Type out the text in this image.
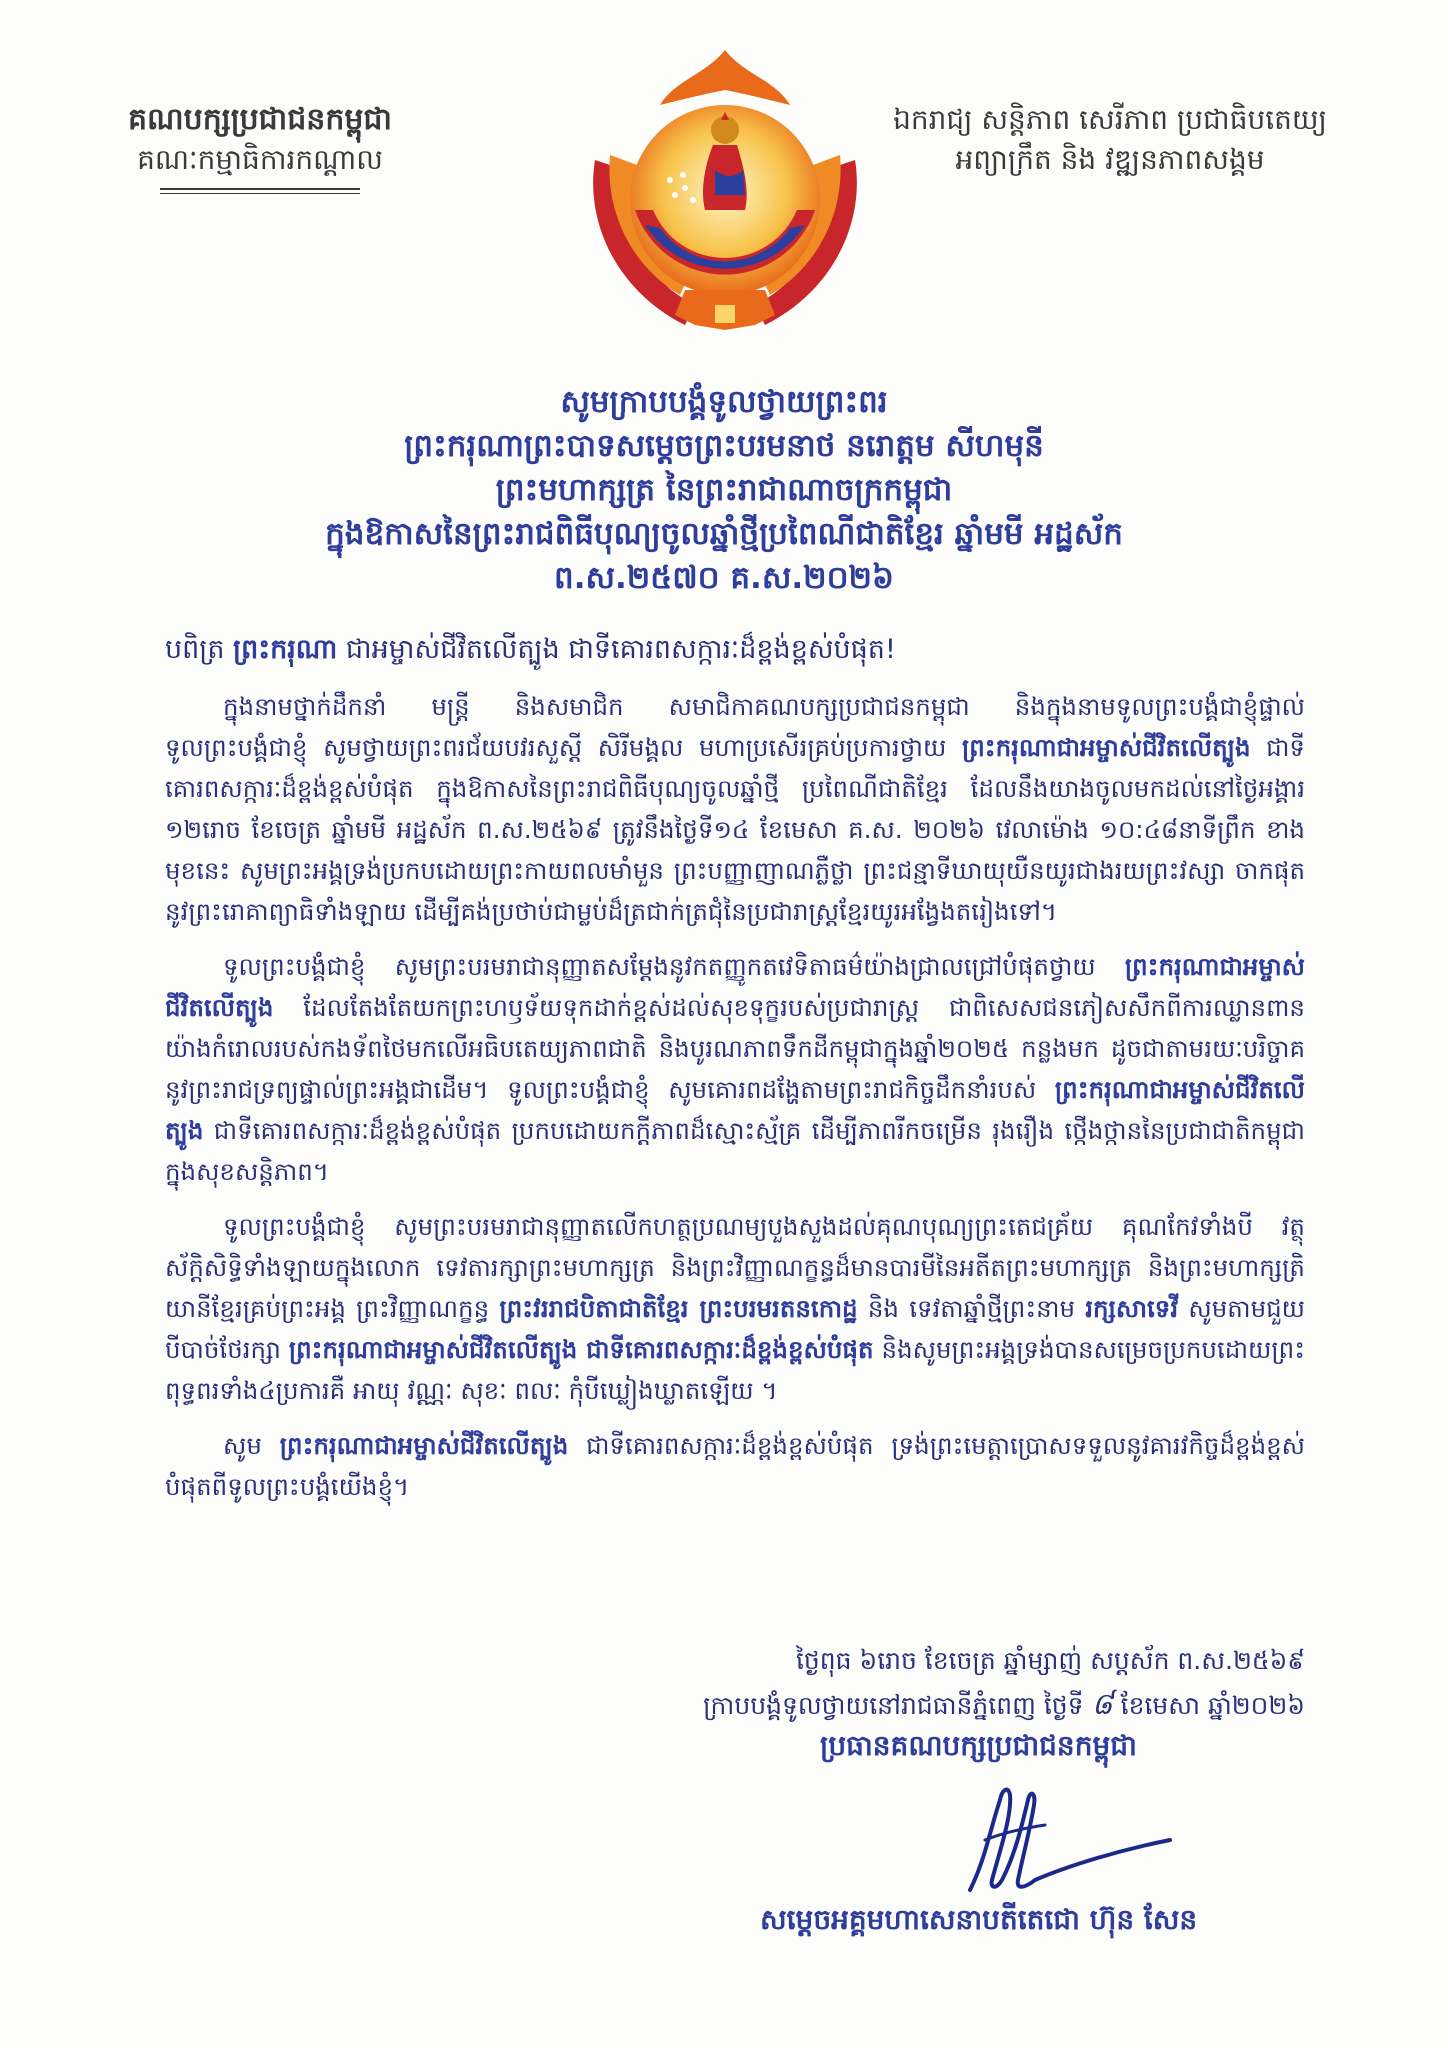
គណបក្សប្រជាជនកម្ពុជា
គណៈកម្មាធិការកណ្ដាល
ឯករាជ្យ សន្តិភាព សេរីភាព ប្រជាធិបតេយ្យ
អព្យាក្រឹត និង វឌ្ឍនភាពសង្គម
សូមក្រាបបង្គំទូលថ្វាយព្រះពរ
ព្រះករុណាព្រះបាទសម្ដេចព្រះបរមនាថ នរោត្តម សីហមុនី
ព្រះមហាក្សត្រ នៃព្រះរាជាណាចក្រកម្ពុជា
ក្នុងឱកាសនៃព្រះរាជពិធីបុណ្យចូលឆ្នាំថ្មីប្រពៃណីជាតិខ្មែរ ឆ្នាំមមី អដ្ឋស័ក
ព.ស.២៥៧០ គ.ស.២០២៦
បពិត្រ ព្រះករុណា ជាអម្ចាស់ជីវិតលើត្បូង ជាទីគោរពសក្ការៈដ៏ខ្ពង់ខ្ពស់បំផុត!

ក្នុងនាមថ្នាក់ដឹកនាំ មន្ត្រី និងសមាជិក សមាជិកាគណបក្សប្រជាជនកម្ពុជា និងក្នុងនាមទូលព្រះបង្គំជាខ្ញុំផ្ទាល់ ទូលព្រះបង្គំជាខ្ញុំ សូមថ្វាយព្រះពរជ័យបវរសួស្តី សិរីមង្គល មហាប្រសើរគ្រប់ប្រការថ្វាយ ព្រះករុណាជាអម្ចាស់ជីវិតលើត្បូង ជាទីគោរពសក្ការៈដ៏ខ្ពង់ខ្ពស់បំផុត ក្នុងឱកាសនៃព្រះរាជពិធីបុណ្យចូលឆ្នាំថ្មី ប្រពៃណីជាតិខ្មែរ ដែលនឹងយាងចូលមកដល់នៅថ្ងៃអង្គារ ១២រោច ខែចេត្រ ឆ្នាំមមី អដ្ឋស័ក ព.ស.២៥៦៩ ត្រូវនឹងថ្ងៃទី១៤ ខែមេសា គ.ស. ២០២៦ វេលាម៉ោង ១០:៤៨នាទីព្រឹក ខាងមុខនេះ សូមព្រះអង្គទ្រង់ប្រកបដោយព្រះកាយពលមាំមួន ព្រះបញ្ញាញាណភ្លឺថ្លា ព្រះជន្មាទីឃាយុយឺនយូរជាងរយព្រះវស្សា ចាកផុតនូវព្រះរោគាព្យាធិទាំងឡាយ ដើម្បីគង់ប្រថាប់ជាម្លប់ដ៏ត្រជាក់ត្រជុំនៃប្រជារាស្ត្រខ្មែរយូរអង្វែងតរៀងទៅ។

ទូលព្រះបង្គំជាខ្ញុំ សូមព្រះបរមរាជានុញ្ញាតសម្ដែងនូវកតញ្ញូកតវេទិតាធម៌យ៉ាងជ្រាលជ្រៅបំផុតថ្វាយ ព្រះករុណាជាអម្ចាស់ជីវិតលើត្បូង ដែលតែងតែយកព្រះហឫទ័យទុកដាក់ខ្ពស់ដល់សុខទុក្ខរបស់ប្រជារាស្ត្រ ជាពិសេសជនភៀសសឹកពីការឈ្លានពានយ៉ាងកំរោលរបស់កងទ័ពថៃមកលើអធិបតេយ្យភាពជាតិ និងបូរណភាពទឹកដីកម្ពុជាក្នុងឆ្នាំ២០២៥ កន្លងមក ដូចជាតាមរយៈបរិច្ចាគនូវព្រះរាជទ្រព្យផ្ទាល់ព្រះអង្គជាដើម។ ទូលព្រះបង្គំជាខ្ញុំ សូមគោរពដង្ហែតាមព្រះរាជកិច្ចដឹកនាំរបស់ ព្រះករុណាជាអម្ចាស់ជីវិតលើត្បូង ជាទីគោរពសក្ការៈដ៏ខ្ពង់ខ្ពស់បំផុត ប្រកបដោយកក្តីភាពដ៏ស្មោះស្ម័គ្រ ដើម្បីភាពរីកចម្រើន រុងរឿង ថ្កើងថ្កាននៃប្រជាជាតិកម្ពុជាក្នុងសុខសន្តិភាព។

ទូលព្រះបង្គំជាខ្ញុំ សូមព្រះបរមរាជានុញ្ញាតលើកហត្ថប្រណម្យបួងសួងដល់គុណបុណ្យព្រះតេជគ្រ័យ គុណកែវទាំងបី វត្ថុស័ក្តិសិទ្ធិទាំងឡាយក្នុងលោក ទេវតារក្សាព្រះមហាក្សត្រ និងព្រះវិញ្ញាណក្ខន្ធដ៏មានបារមីនៃអតីតព្រះមហាក្សត្រ និងព្រះមហាក្សត្រិយានីខ្មែរគ្រប់ព្រះអង្គ ព្រះវិញ្ញាណក្ខន្ធ ព្រះវររាជបិតាជាតិខ្មែរ ព្រះបរមរតនកោដ្ឋ និង ទេវតាឆ្នាំថ្មីព្រះនាម រក្សសាទេវី សូមតាមជួយបីបាច់ថែរក្សា ព្រះករុណាជាអម្ចាស់ជីវិតលើត្បូង ជាទីគោរពសក្ការៈដ៏ខ្ពង់ខ្ពស់បំផុត និងសូមព្រះអង្គទ្រង់បានសម្រេចប្រកបដោយព្រះពុទ្ធពរទាំង៤ប្រការគឺ អាយុ វណ្ណៈ សុខៈ ពលៈ កុំបីឃ្លៀងឃ្លាតឡើយ ។

សូម ព្រះករុណាជាអម្ចាស់ជីវិតលើត្បូង ជាទីគោរពសក្ការៈដ៏ខ្ពង់ខ្ពស់បំផុត ទ្រង់ព្រះមេត្តាប្រោសទទួលនូវគារវកិច្ចដ៏ខ្ពង់ខ្ពស់បំផុតពីទូលព្រះបង្គំយើងខ្ញុំ។

ថ្ងៃពុធ ៦រោច ខែចេត្រ ឆ្នាំម្សាញ់ សប្តស័ក ព.ស.២៥៦៩
ក្រាបបង្គំទូលថ្វាយនៅរាជធានីភ្នំពេញ ថ្ងៃទី ៨ ខែមេសា ឆ្នាំ២០២៦
ប្រធានគណបក្សប្រជាជនកម្ពុជា
សម្ដេចអគ្គមហាសេនាបតីតេជោ ហ៊ុន សែន
